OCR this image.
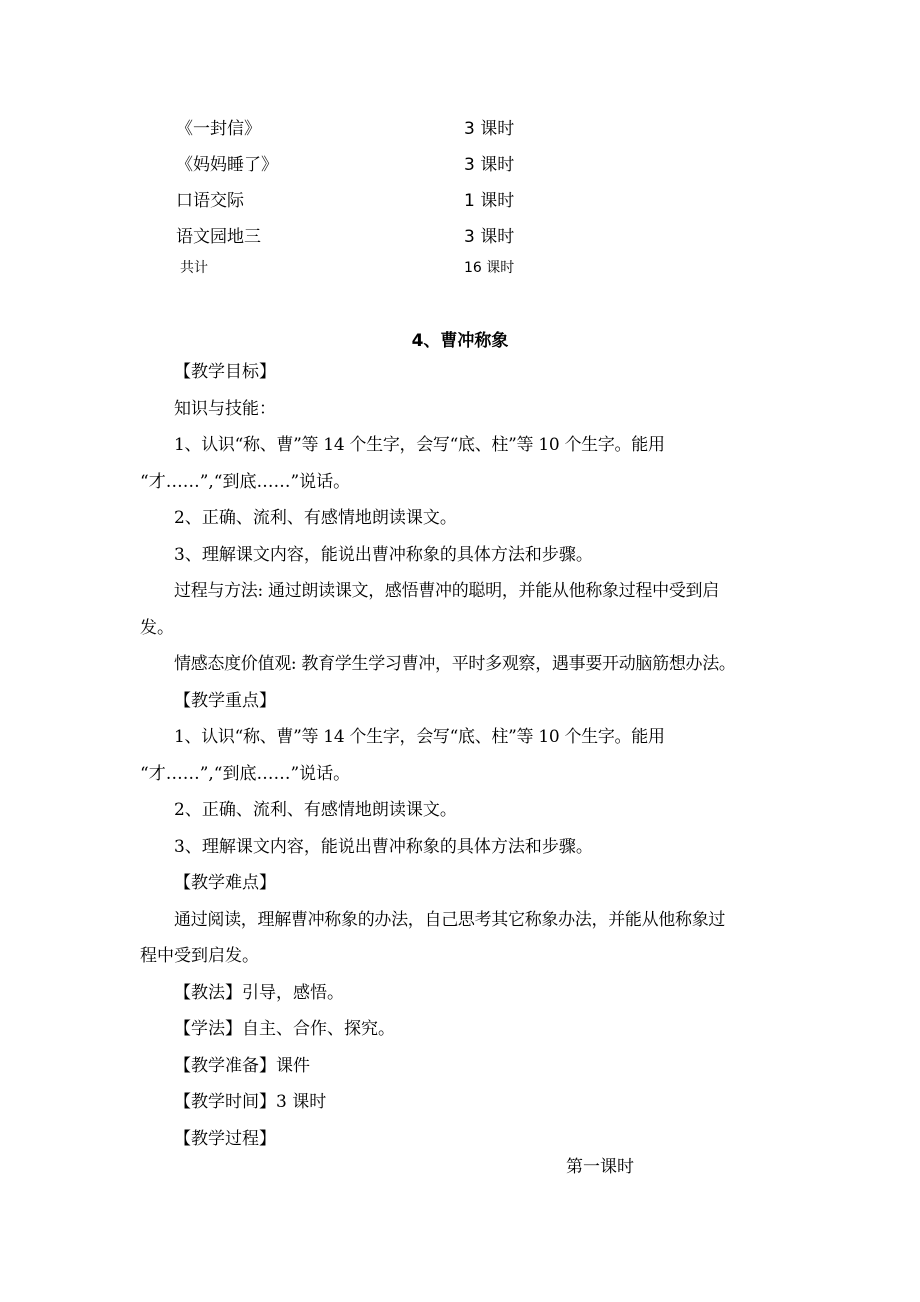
《一封信》	3 课时
《妈妈睡了》	3 课时
口语交际	1 课时
语文园地三	3 课时
共计	16 课时
4、曹冲称象

【教学目标】

知识与技能：

1、认识“称、曹”等 14 个生字，会写“底、柱”等 10 个生字。能用

“才……”,“到底……”说话。

2、正确、流利、有感情地朗读课文。

3、理解课文内容，能说出曹冲称象的具体方法和步骤。

过程与方法: 通过朗读课文，感悟曹冲的聪明，并能从他称象过程中受到启

发。

情感态度价值观: 教育学生学习曹冲，平时多观察，遇事要开动脑筋想办法。

【教学重点】

1、认识“称、曹”等 14 个生字，会写“底、柱”等 10 个生字。能用

“才……”,“到底……”说话。

2、正确、流利、有感情地朗读课文。

3、理解课文内容，能说出曹冲称象的具体方法和步骤。

【教学难点】

通过阅读，理解曹冲称象的办法，自己思考其它称象办法，并能从他称象过

程中受到启发。

【教法】引导，感悟。

【学法】自主、合作、探究。

【教学准备】课件

【教学时间】3 课时

【教学过程】

第一课时
